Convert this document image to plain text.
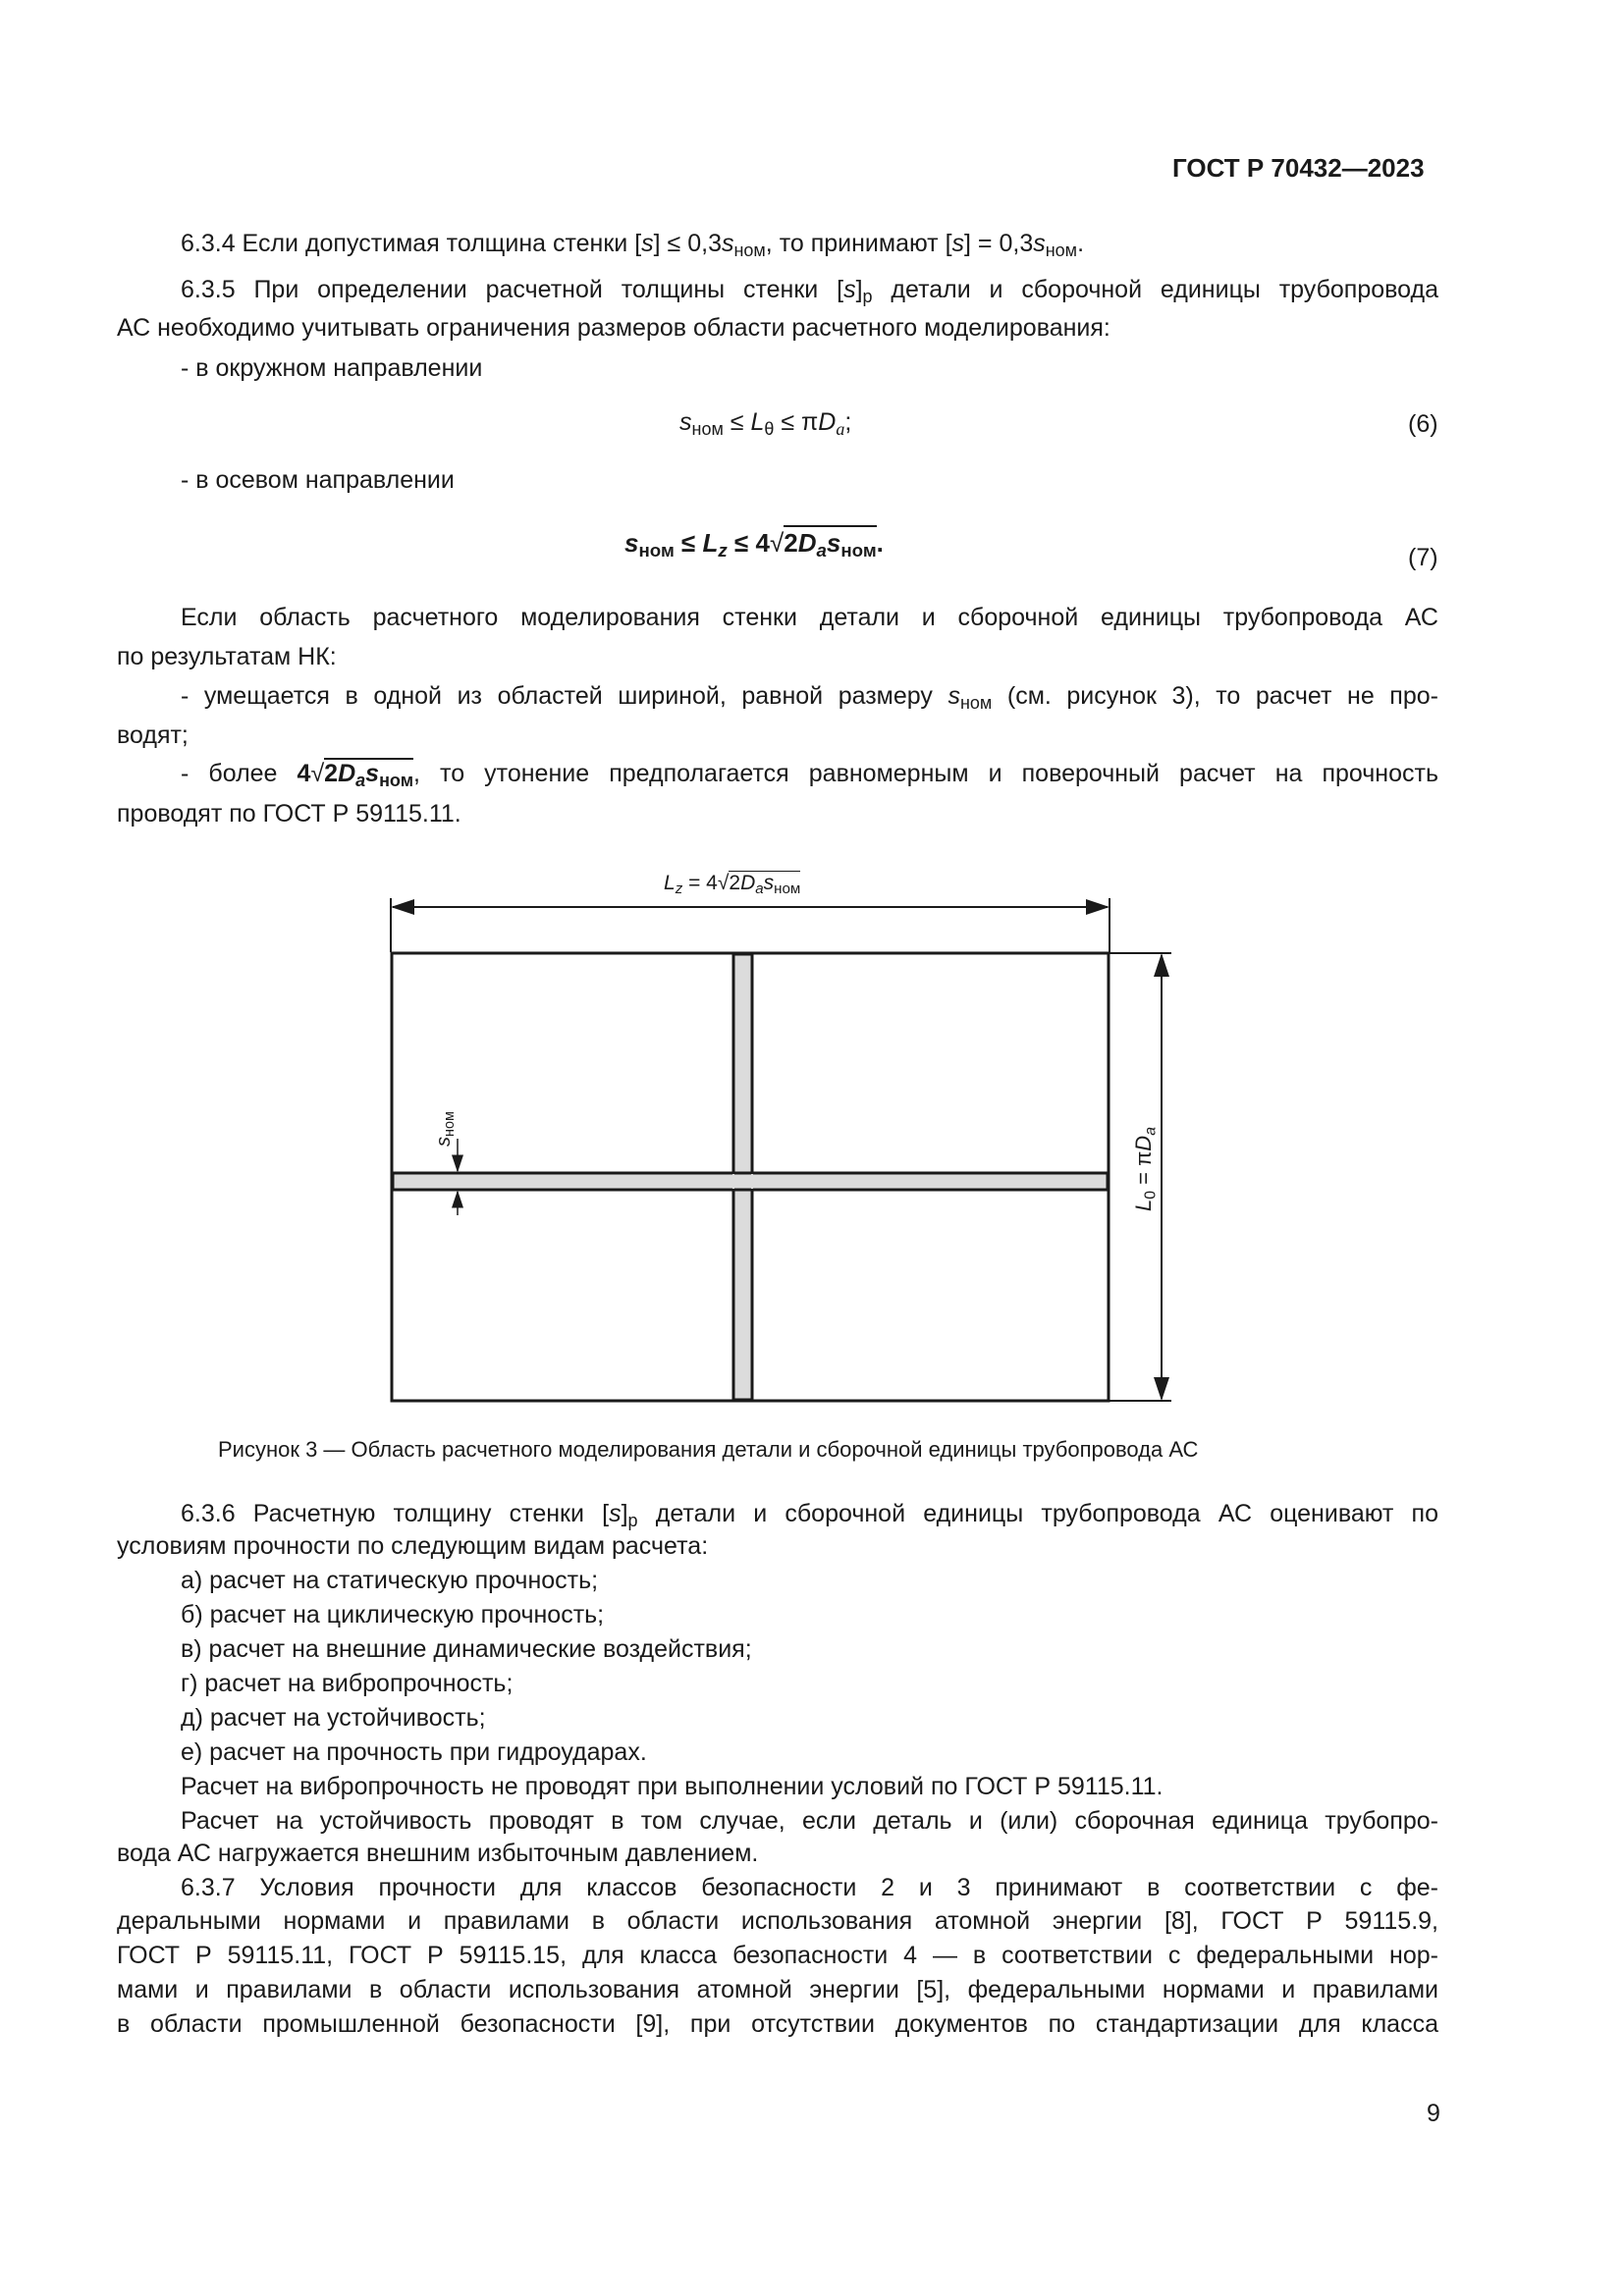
ГОСТ Р 70432—2023
6.3.4 Если допустимая толщина стенки $[s] \le 0,3s_{ном}$, то принимают $[s] = 0,3s_{ном}$.
6.3.5 При определении расчетной толщины стенки $[s]_р$ детали и сборочной единицы трубопровода
АС необходимо учитывать ограничения размеров области расчетного моделирования:
- в окружном направлении
$s_{ном} \le L_\theta \le \pi D_a$;	(6)
- в осевом направлении
$s_{ном} \le L_z \le 4√2D_as_{ном}$.	(7)
Если область расчетного моделирования стенки детали и сборочной единицы трубопровода АС
по результатам НК:
- умещается в одной из областей шириной, равной размеру $s_{ном}$ (см. рисунок 3), то расчет не про-
водят;
- более $4√2D_as_{ном}$, то утонение предполагается равномерным и поверочный расчет на прочность
проводят по ГОСТ Р 59115.11.
$L_z = 4√2D_as_{ном}$
$L_0 = \pi D_a$
$s_{ном}$
Рисунок 3 — Область расчетного моделирования детали и сборочной единицы трубопровода АС
6.3.6 Расчетную толщину стенки $[s]_р$ детали и сборочной единицы трубопровода АС оценивают по
условиям прочности по следующим видам расчета:
а) расчет на статическую прочность;
б) расчет на циклическую прочность;
в) расчет на внешние динамические воздействия;
г) расчет на вибропрочность;
д) расчет на устойчивость;
е) расчет на прочность при гидроударах.
Расчет на вибропрочность не проводят при выполнении условий по ГОСТ Р 59115.11.
Расчет на устойчивость проводят в том случае, если деталь и (или) сборочная единица трубопро-
вода АС нагружается внешним избыточным давлением.
6.3.7 Условия прочности для классов безопасности 2 и 3 принимают в соответствии с фе-
деральными нормами и правилами в области использования атомной энергии [8], ГОСТ Р 59115.9,
ГОСТ Р 59115.11, ГОСТ Р 59115.15, для класса безопасности 4 — в соответствии с федеральными нор-
мами и правилами в области использования атомной энергии [5], федеральными нормами и правилами
в области промышленной безопасности [9], при отсутствии документов по стандартизации для класса
9
